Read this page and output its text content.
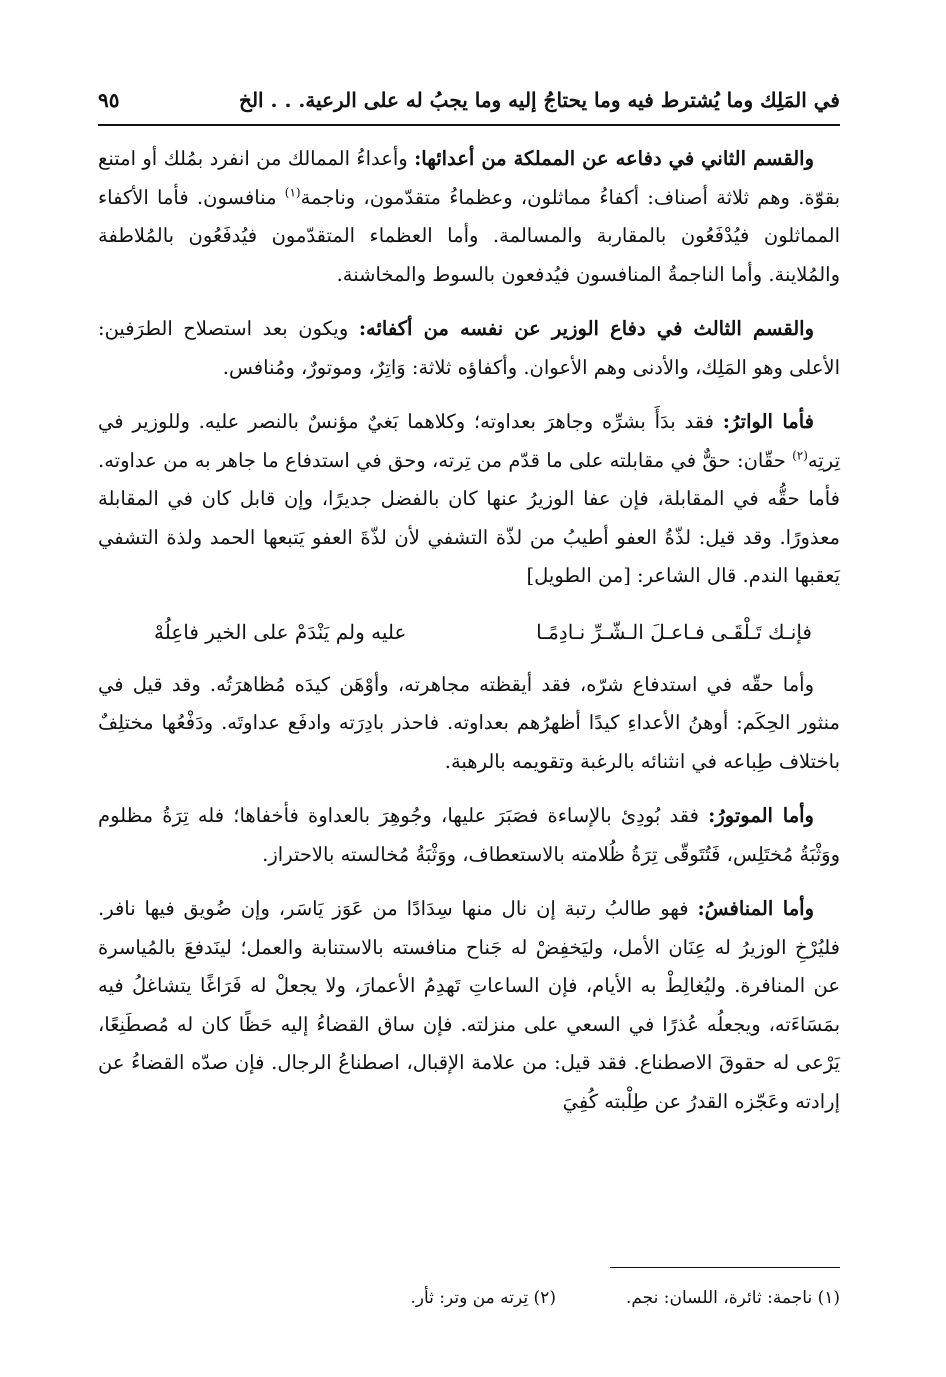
في المَلِك وما يُشترط فيه وما يحتاجُ إليه وما يجبُ له على الرعية. . . الخ
٩٥

والقسم الثاني في دفاعه عن المملكة من أعدائها: وأعداءُ الممالك من انفرد بمُلك أو امتنع بقوّة. وهم ثلاثة أصناف: أكفاءُ مماثلون، وعظماءُ متقدّمون، وناجمة$^{(١)}$ منافسون. فأما الأكفاء المماثلون فيُدْفَعُون بالمقاربة والمسالمة. وأما العظماء المتقدّمون فيُدفَعُون بالمُلاطفة والمُلاينة. وأما الناجمةُ المنافسون فيُدفعون بالسوط والمخاشنة.

والقسم الثالث في دفاع الوزير عن نفسه من أكفائه: ويكون بعد استصلاح الطرَفين: الأعلى وهو المَلِك، والأدنى وهم الأعوان. وأكفاؤه ثلاثة: وَاتِرٌ، وموتورٌ، ومُنافس.

فأما الواترُ: فقد بدَأَ بشرِّه وجاهرَ بعداوته؛ وكلاهما بَغيٌ مؤنسٌ بالنصر عليه. وللوزير في تِرتِه$^{(٢)}$ حقّان: حقٌّ في مقابلته على ما قدّم من تِرته، وحق في استدفاع ما جاهر به من عداوته. فأما حقُّه في المقابلة، فإن عفا الوزيرُ عنها كان بالفضل جديرًا، وإن قابل كان في المقابلة معذورًا. وقد قيل: لذّةُ العفو أطيبُ من لذّة التشفي لأن لذّةَ العفو يَتبعها الحمد ولذة التشفي يَعقبها الندم. قال الشاعر: [من الطويل]

فإنـك تَـلْقَـى فـاعـلَ الـشّـرِّ نـادِمًـا
عليه ولم يَنْدَمْ على الخير فاعِلُهْ

وأما حقّه في استدفاع شرّه، فقد أيقظته مجاهرته، وأوْهَن كيدَه مُظاهرَتُه. وقد قيل في منثور الحِكَم: أوهنُ الأعداءِ كيدًا أظهرُهم بعداوته. فاحذر بادِرَته وادفَع عداوتَه. ودَفْعُها مختلِفٌ باختلاف طِباعه في انثنائه بالرغبة وتقويمه بالرهبة.

وأما الموتورُ: فقد بُودِئ بالإساءة فصَبَرَ عليها، وجُوهِرَ بالعداوة فأخفاها؛ فله تِرَةُ مظلوم ووَثْبَةُ مُختَلِس، فَتُتَوقّى تِرَةُ ظُلامته بالاستعطاف، ووَثْبَةُ مُخالسته بالاحتراز.

وأما المنافسُ: فهو طالبُ رتبة إن نال منها سِدَادًا من عَوَز يَاسَر، وإن ضُويق فيها نافر. فليُرْخِ الوزيرُ له عِنَان الأمل، وليَخفِضْ له جَناح منافسته بالاستنابة والعمل؛ لينَدفعَ بالمُياسرة عن المنافرة. وليُغالِطْ به الأيام، فإن الساعاتِ تَهدِمُ الأعمارَ، ولا يجعلْ له فَرَاغًا يتشاغلُ فيه بمَسَاءَته، ويجعلُه عُذرًا في السعي على منزلته. فإن ساق القضاءُ إليه حَظًا كان له مُصطَنِعًا، يَرْعى له حقوقَ الاصطناع. فقد قيل: من علامة الإقبال، اصطناعُ الرجال. فإن صدّه القضاءُ عن إرادته وعَجّزه القدرُ عن طِلْبته كُفِيَ

(١) ناجمة: ثائرة، اللسان: نجم.
(٢) تِرته من وتر: ثأر.
